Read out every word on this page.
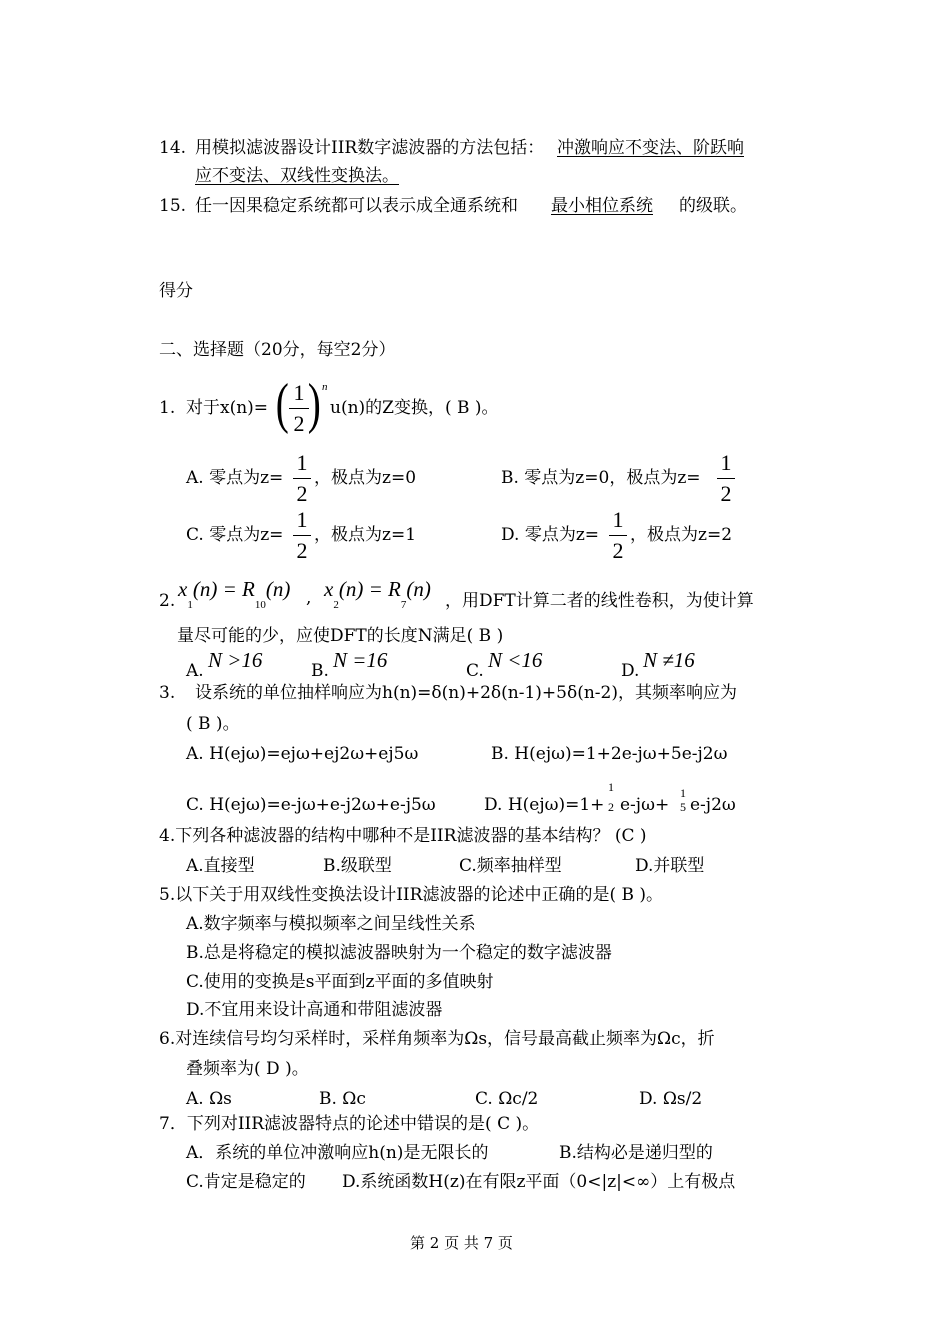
14. 用模拟滤波器设计IIR数字滤波器的方法包括： 冲激响应不变法、阶跃响
应不变法、双线性变换法。
15. 任一因果稳定系统都可以表示成全通系统和 最小相位系统 的级联。
得分
二、选择题（20分，每空2分）
1. 对于x(n)= ( 1
2 ) n
u(n)的Z变换，( B )。
A. 零点为z=
1
2
，极点为z=0	B. 零点为z=0，极点为z=
1
2
C. 零点为z=
1
2
，极点为z=1	D. 零点为z=
1
2
，极点为z=2
2. $x_1(n) = R_{10}(n)$ , $x_2(n) = R_7(n)$ ，用DFT计算二者的线性卷积，为使计算
量尽可能的少，应使DFT的长度N满足( B )
A. N >16	B. N =16	C. N <16	D. N ≠16
3. 设系统的单位抽样响应为h(n)=δ(n)+2δ(n-1)+5δ(n-2)，其频率响应为
( B )。
A. H(ejω)=ejω+ej2ω+ej5ω	B. H(ejω)=1+2e-jω+5e-j2ω
C. H(ejω)=e-jω+e-j2ω+e-j5ω	D. H(ejω)=1+
1
2 e-jω+
1
5 e-j2ω
4.下列各种滤波器的结构中哪种不是IIR滤波器的基本结构？ (C )
A.直接型	B.级联型	C.频率抽样型	D.并联型
5.以下关于用双线性变换法设计IIR滤波器的论述中正确的是( B )。
A.数字频率与模拟频率之间呈线性关系
B.总是将稳定的模拟滤波器映射为一个稳定的数字滤波器
C.使用的变换是s平面到z平面的多值映射
D.不宜用来设计高通和带阻滤波器
6.对连续信号均匀采样时，采样角频率为Ωs，信号最高截止频率为Ωc，折
叠频率为( D )。
A. Ωs	B. Ωc	C. Ωc/2	D. Ωs/2
7．下列对IIR滤波器特点的论述中错误的是( C )。
A．系统的单位冲激响应h(n)是无限长的	B.结构必是递归型的
C.肯定是稳定的 D.系统函数H(z)在有限z平面（0<|z|<∞）上有极点
第 2 页 共 7 页
